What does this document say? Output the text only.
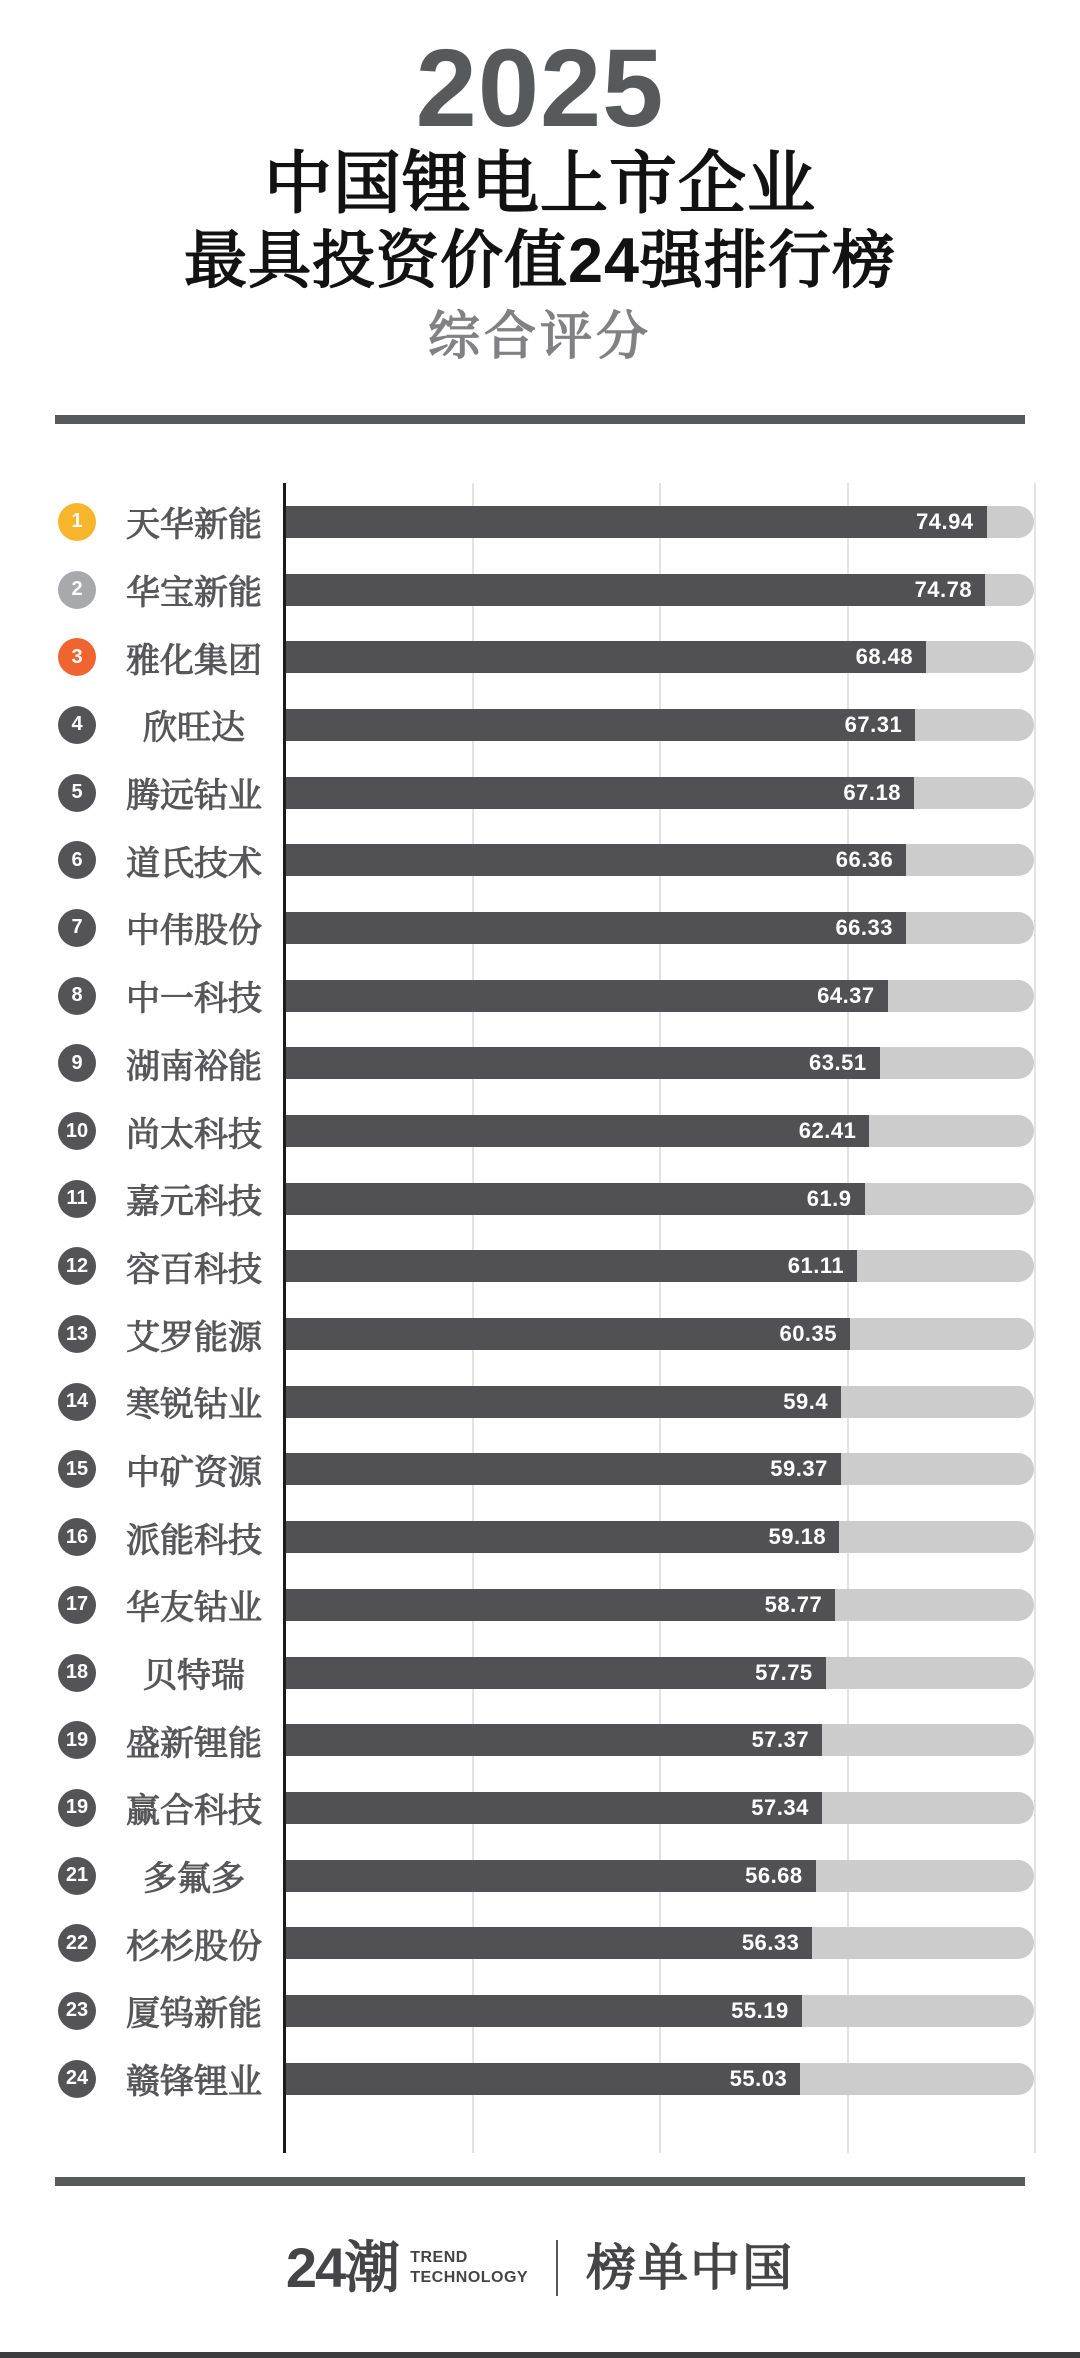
2025
中国锂电上市企业
最具投资价值24强排行榜
综合评分
1	天华新能	74.94
2	华宝新能	74.78
3	雅化集团	68.48
4	欣旺达	67.31
5	腾远钴业	67.18
6	道氏技术	66.36
7	中伟股份	66.33
8	中一科技	64.37
9	湖南裕能	63.51
10	尚太科技	62.41
11	嘉元科技	61.9
12	容百科技	61.11
13	艾罗能源	60.35
14	寒锐钴业	59.4
15	中矿资源	59.37
16	派能科技	59.18
17	华友钴业	58.77
18	贝特瑞	57.75
19	盛新锂能	57.37
19	赢合科技	57.34
21	多氟多	56.68
22	杉杉股份	56.33
23	厦钨新能	55.19
24	赣锋锂业	55.03
24潮 TREND
TECHNOLOGY 榜单中国
